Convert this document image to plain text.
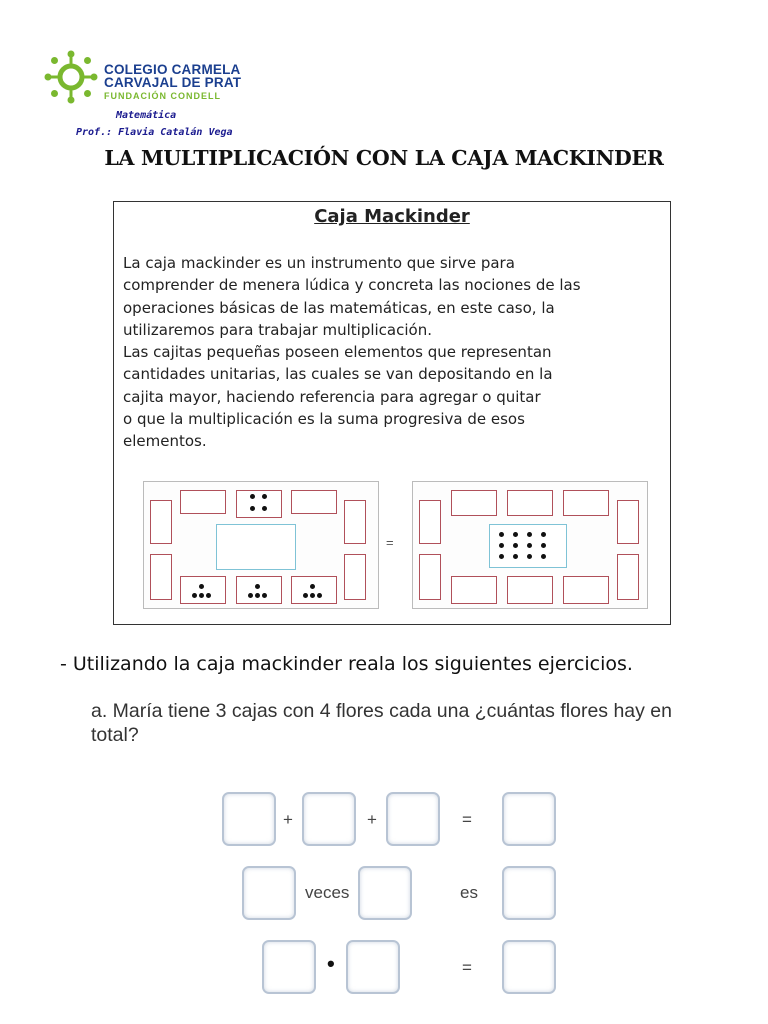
COLEGIO CARMELA
CARVAJAL DE PRAT
FUNDACIÓN CONDELL
Matemática
Prof.: Flavia Catalán Vega
LA MULTIPLICACIÓN CON LA CAJA MACKINDER
Caja Mackinder

La caja mackinder es un instrumento que sirve para
comprender de menera lúdica y concreta las nociones de las
operaciones básicas de las matemáticas, en este caso, la
utilizaremos para trabajar multiplicación.

Las cajitas pequeñas poseen elementos que representan
cantidades unitarias, las cuales se van depositando en la
cajita mayor, haciendo referencia para agregar o quitar
o que la multiplicación es la suma progresiva de esos
elementos.

=
- Utilizando la caja mackinder reala los siguientes ejercicios.

a. María tiene 3 cajas con 4 flores cada una ¿cuántas flores hay en total?

+	+	=
veces	es
•	=
